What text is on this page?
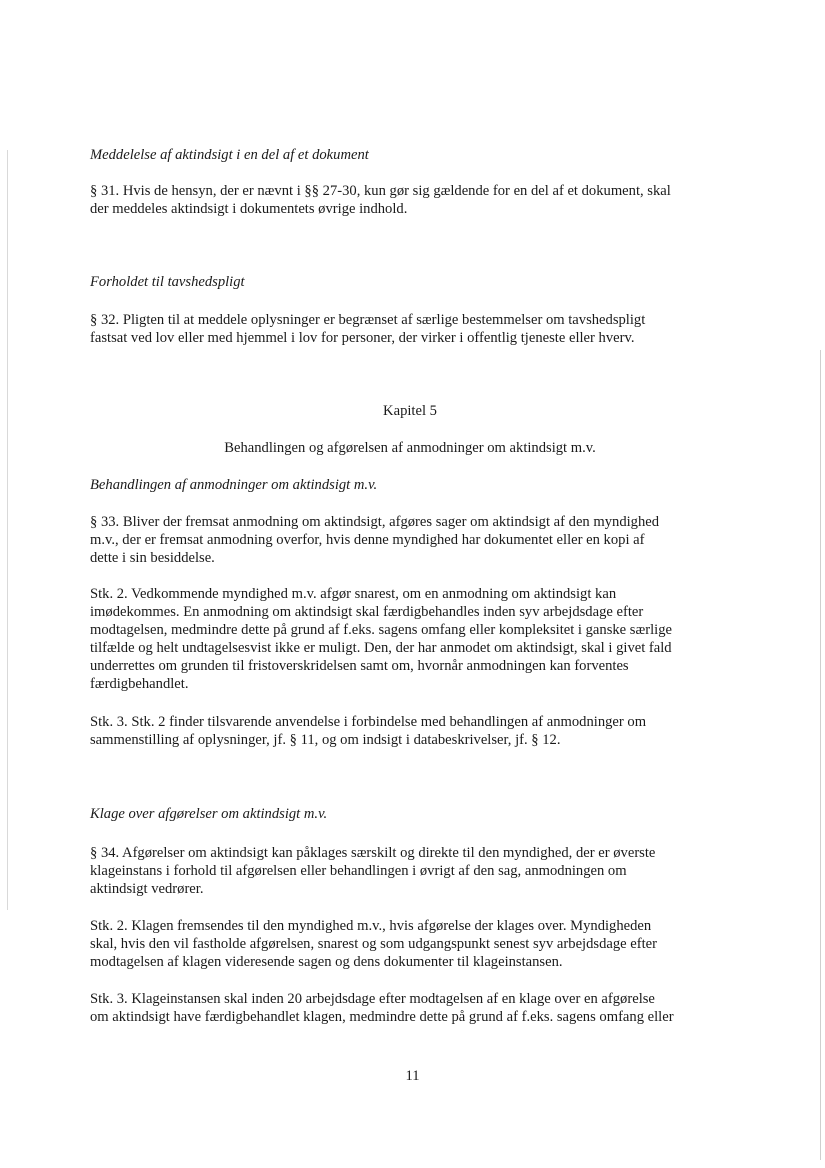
Meddelelse af aktindsigt i en del af et dokument

§ 31. Hvis de hensyn, der er nævnt i §§ 27-30, kun gør sig gældende for en del af et dokument, skal
der meddeles aktindsigt i dokumentets øvrige indhold.

Forholdet til tavshedspligt

§ 32. Pligten til at meddele oplysninger er begrænset af særlige bestemmelser om tavshedspligt
fastsat ved lov eller med hjemmel i lov for personer, der virker i offentlig tjeneste eller hverv.

Kapitel 5

Behandlingen og afgørelsen af anmodninger om aktindsigt m.v.

Behandlingen af anmodninger om aktindsigt m.v.

§ 33. Bliver der fremsat anmodning om aktindsigt, afgøres sager om aktindsigt af den myndighed
m.v., der er fremsat anmodning overfor, hvis denne myndighed har dokumentet eller en kopi af
dette i sin besiddelse.

Stk. 2. Vedkommende myndighed m.v. afgør snarest, om en anmodning om aktindsigt kan
imødekommes. En anmodning om aktindsigt skal færdigbehandles inden syv arbejdsdage efter
modtagelsen, medmindre dette på grund af f.eks. sagens omfang eller kompleksitet i ganske særlige
tilfælde og helt undtagelsesvist ikke er muligt. Den, der har anmodet om aktindsigt, skal i givet fald
underrettes om grunden til fristoverskridelsen samt om, hvornår anmodningen kan forventes
færdigbehandlet.

Stk. 3. Stk. 2 finder tilsvarende anvendelse i forbindelse med behandlingen af anmodninger om
sammenstilling af oplysninger, jf. § 11, og om indsigt i databeskrivelser, jf. § 12.

Klage over afgørelser om aktindsigt m.v.

§ 34. Afgørelser om aktindsigt kan påklages særskilt og direkte til den myndighed, der er øverste
klageinstans i forhold til afgørelsen eller behandlingen i øvrigt af den sag, anmodningen om
aktindsigt vedrører.

Stk. 2. Klagen fremsendes til den myndighed m.v., hvis afgørelse der klages over. Myndigheden
skal, hvis den vil fastholde afgørelsen, snarest og som udgangspunkt senest syv arbejdsdage efter
modtagelsen af klagen videresende sagen og dens dokumenter til klageinstansen.

Stk. 3. Klageinstansen skal inden 20 arbejdsdage efter modtagelsen af en klage over en afgørelse
om aktindsigt have færdigbehandlet klagen, medmindre dette på grund af f.eks. sagens omfang eller

11
